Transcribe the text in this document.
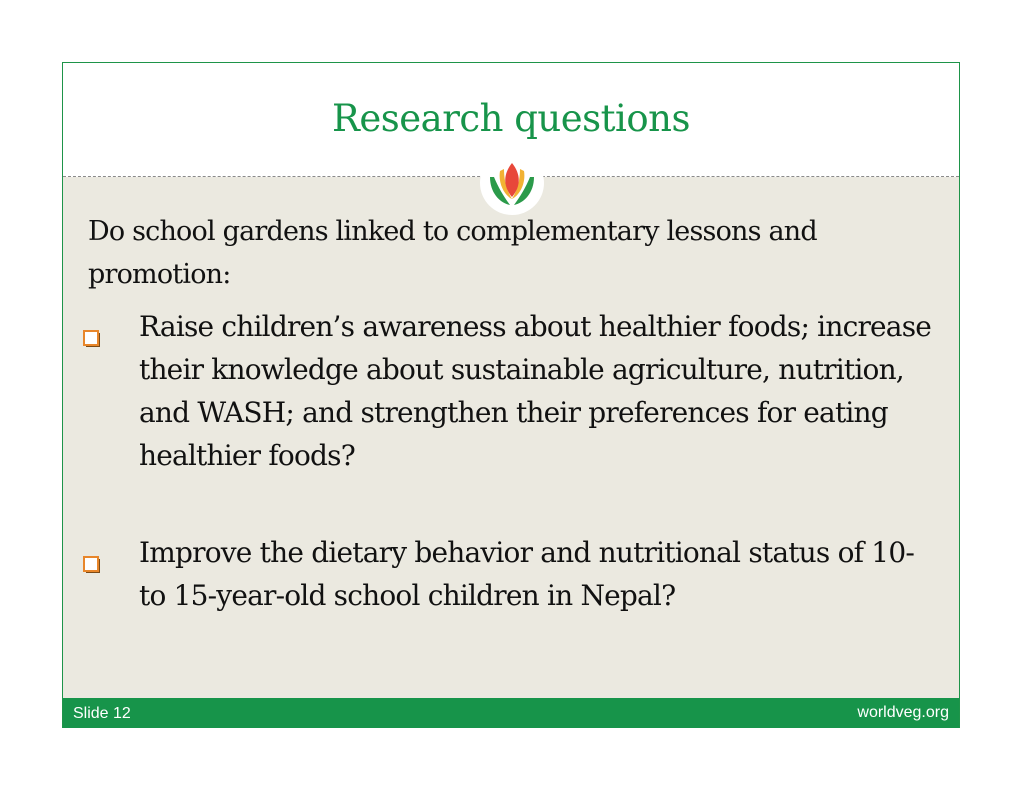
Research questions
Do school gardens linked to complementary lessons and promotion:
Raise children’s awareness about healthier foods; increase their knowledge about sustainable agriculture, nutrition, and WASH; and strengthen their preferences for eating healthier foods?
Improve the dietary behavior and nutritional status of 10- to 15-year-old school children in Nepal?
Slide 12	worldveg.org
